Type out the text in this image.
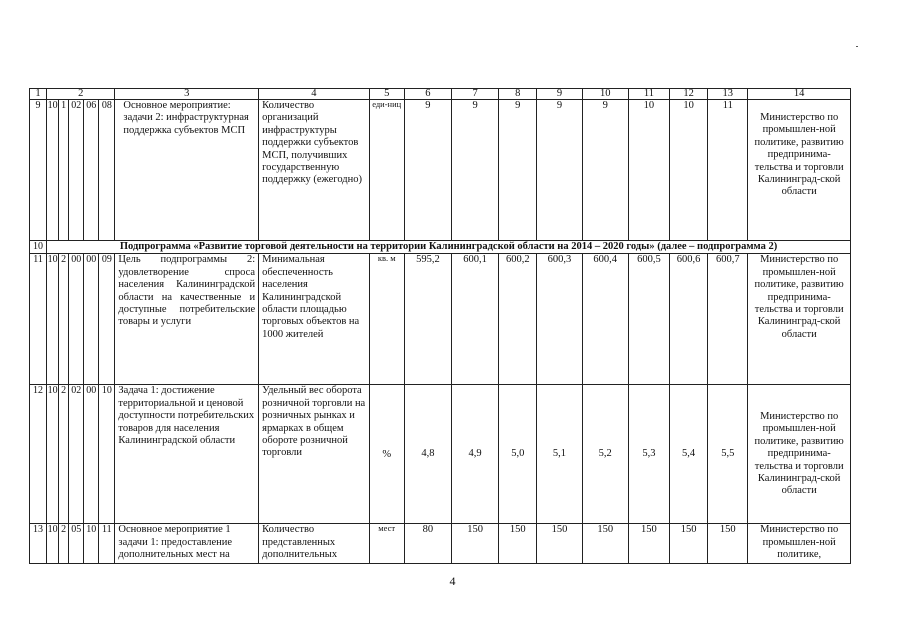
1	2					3	4	5	6	7	8	9	10	11	12	13	14
9	10	1	02	06	08	Основное мероприятие: задачи 2: инфраструктурная поддержка субъектов МСП	Количество организаций инфраструктуры поддержки субъектов МСП, получивших государственную поддержку (ежегодно)	еди-ниц	9	9	9	9	9	10	10	11	Министерство по промышлен-ной политике, развитию предпринима-тельства и торговли Калининград-ской области
10	Подпрограмма «Развитие торговой деятельности на территории Калининградской области на 2014 – 2020 годы» (далее – подпрограмма 2)																
11	10	2	00	00	09	Цель подпрограммы 2: удовлетворение спроса населения Калининградской области на качественные и доступные потребительские товары и услуги	Минимальная обеспеченность населения Калининградской области площадью торговых объектов на 1000 жителей	кв. м	595,2	600,1	600,2	600,3	600,4	600,5	600,6	600,7	Министерство по промышлен-ной политике, развитию предпринима-тельства и торговли Калининград-ской области
12	10	2	02	00	10	Задача 1: достижение территориальной и ценовой доступности потребительских товаров для населения Калининградской области	Удельный вес оборота розничной торговли на розничных рынках и ярмарках в общем обороте розничной торговли	%	4,8	4,9	5,0	5,1	5,2	5,3	5,4	5,5	Министерство по промышлен-ной политике, развитию предпринима-тельства и торговли Калининград-ской области
13	10	2	05	10	11	Основное мероприятие 1 задачи 1: предоставление дополнительных мест на	Количество представленных дополнительных	мест	80	150	150	150	150	150	150	150	Министерство по промышлен-ной политике,
4
